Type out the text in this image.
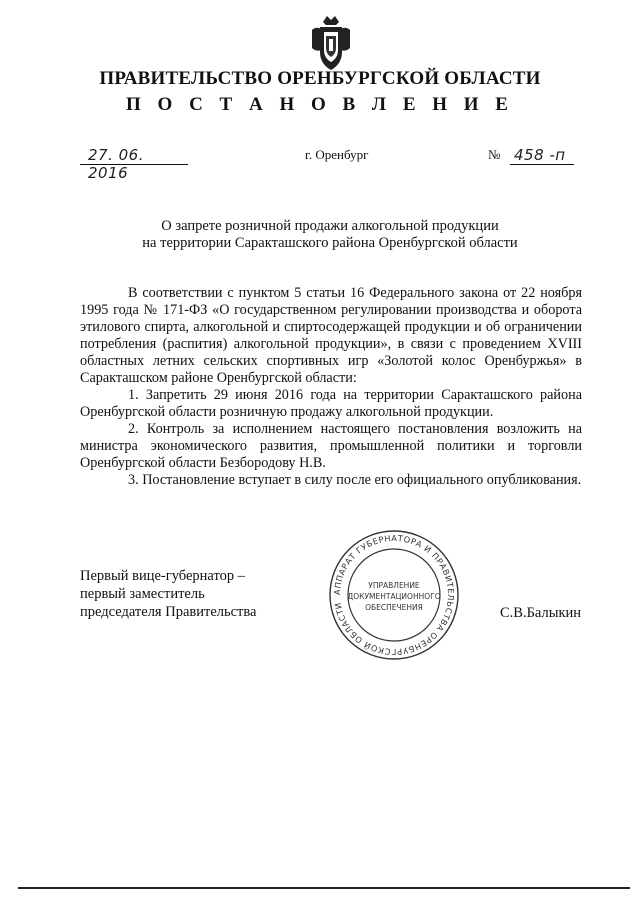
ПРАВИТЕЛЬСТВО ОРЕНБУРГСКОЙ ОБЛАСТИ
П О С Т А Н О В Л Е Н И Е
27. 06. 2016
г. Оренбург	№ 458 -п
О запрете розничной продажи алкогольной продукции
на территории Саракташского района Оренбургской области

В соответствии с пунктом 5 статьи 16 Федерального закона от 22 ноября 1995 года № 171-ФЗ «О государственном регулировании производства и оборота этилового спирта, алкогольной и спиртосодержащей продукции и об ограничении потребления (распития) алкогольной продукции», в связи с проведением XVIII областных летних сельских спортивных игр «Золотой колос Оренбуржья» в Саракташском районе Оренбургской области:

1. Запретить 29 июня 2016 года на территории Саракташского района Оренбургской области розничную продажу алкогольной продукции.

2. Контроль за исполнением настоящего постановления возложить на министра экономического развития, промышленной политики и торговли Оренбургской области Безбородову Н.В.

3. Постановление вступает в силу после его официального опубликования.

Первый вице-губернатор –
первый заместитель
председателя Правительства
АППАРАТ ГУБЕРНАТОРА И ПРАВИТЕЛЬСТВА ОРЕНБУРГСКОЙ ОБЛАСТИ
УПРАВЛЕНИЕ
ДОКУМЕНТАЦИОННОГО
ОБЕСПЕЧЕНИЯ	С.В.Балыкин
